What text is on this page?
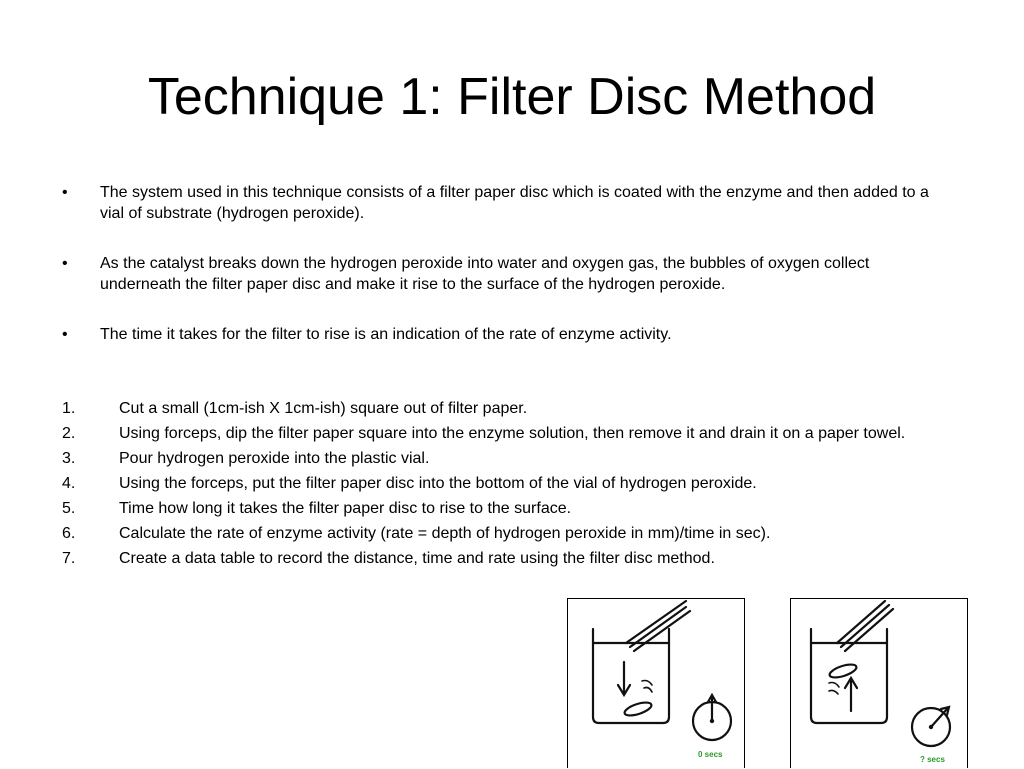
Technique 1: Filter Disc Method
• The system used in this technique consists of a filter paper disc which is coated with the enzyme and then added to a vial of substrate (hydrogen peroxide).
• As the catalyst breaks down the hydrogen peroxide into water and oxygen gas, the bubbles of oxygen collect underneath the filter paper disc and make it rise to the surface of the hydrogen peroxide.
• The time it takes for the filter to rise is an indication of the rate of enzyme activity.
1.	Cut a small (1cm-ish X 1cm-ish) square out of filter paper.
2.	Using forceps, dip the filter paper square into the enzyme solution, then remove it and drain it on a paper towel.
3.	Pour hydrogen peroxide into the plastic vial.
4.	Using the forceps, put the filter paper disc into the bottom of the vial of hydrogen peroxide.
5.	Time how long it takes the filter paper disc to rise to the surface.
6.	Calculate the rate of enzyme activity (rate = depth of hydrogen peroxide in mm)/time in sec).
7.	Create a data table to record the distance, time and rate using the filter disc method.
0 secs
? secs
